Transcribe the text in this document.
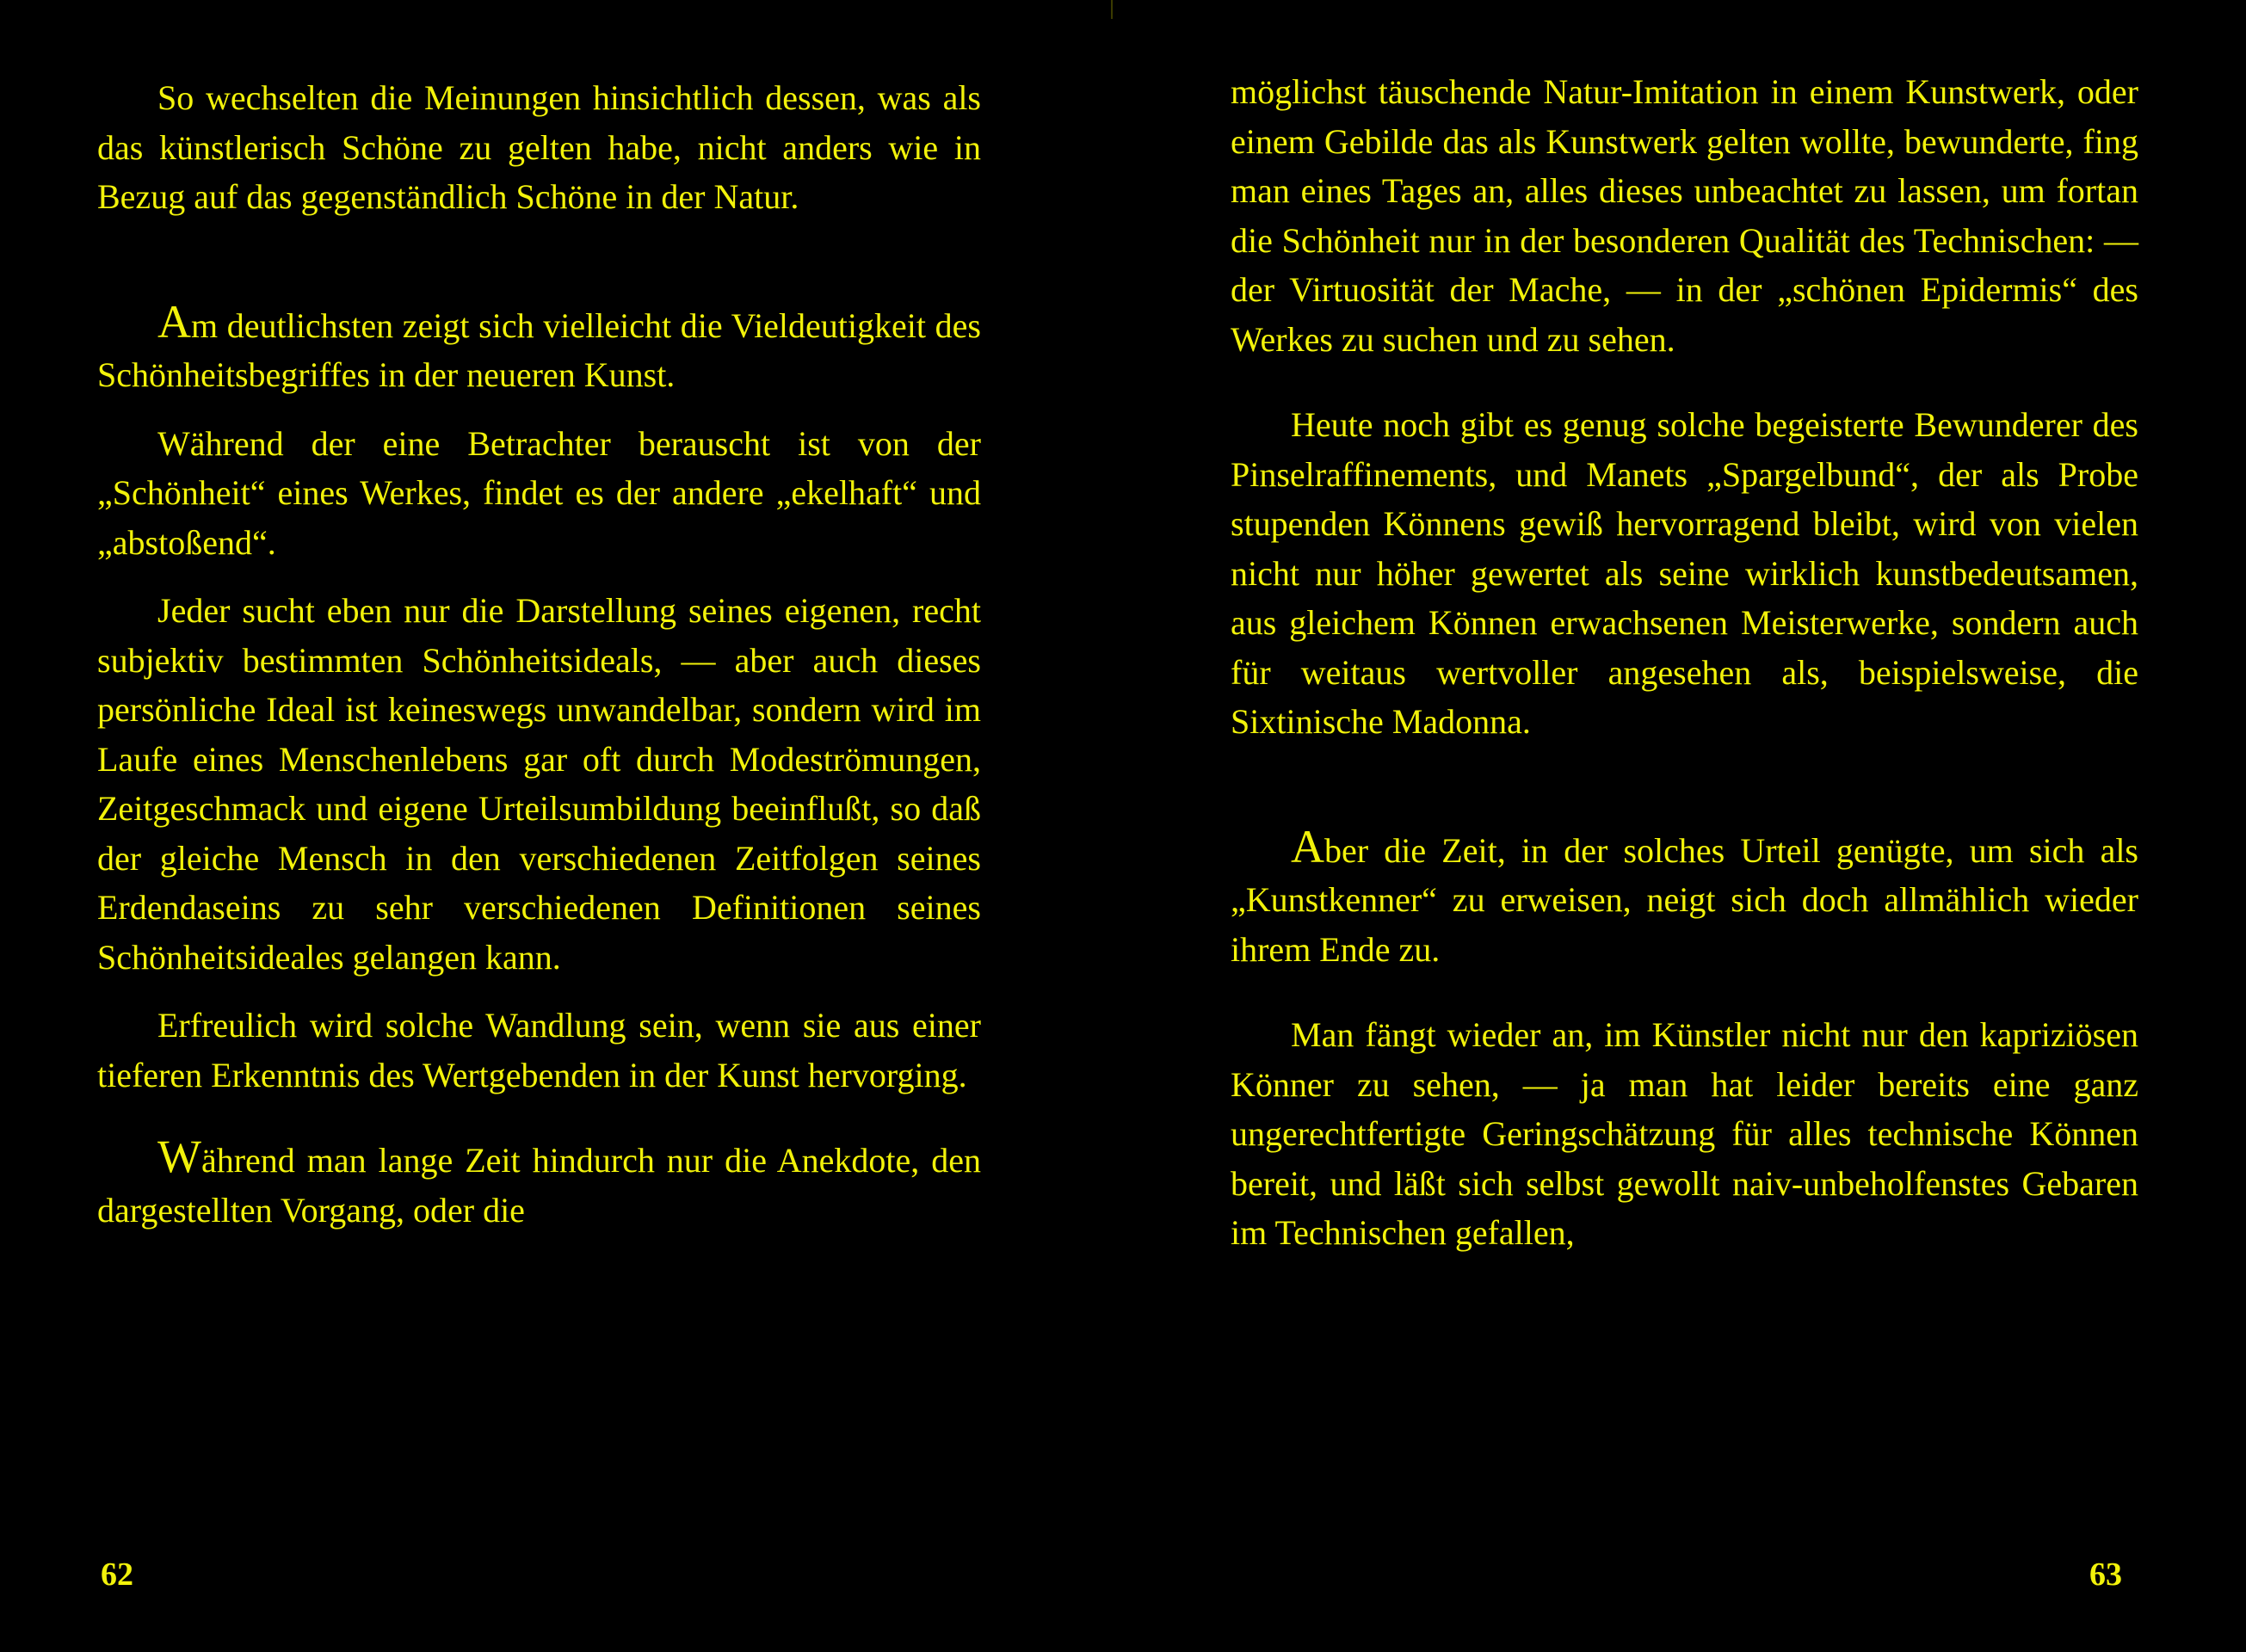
So wechselten die Meinungen hinsichtlich dessen, was als das künstlerisch Schöne zu gelten habe, nicht anders wie in Bezug auf das gegenständlich Schöne in der Natur.

Am deutlichsten zeigt sich vielleicht die Vieldeutigkeit des Schönheitsbegriffes in der neueren Kunst.

Während der eine Betrachter berauscht ist von der „Schönheit“ eines Werkes, findet es der andere „ekelhaft“ und „abstoßend“.

Jeder sucht eben nur die Darstellung seines eigenen, recht subjektiv bestimmten Schönheitsideals, — aber auch dieses persönliche Ideal ist keineswegs unwandelbar, sondern wird im Laufe eines Menschenlebens gar oft durch Modeströmungen, Zeitgeschmack und eigene Urteilsumbildung beeinflußt, so daß der gleiche Mensch in den verschiedenen Zeitfolgen seines Erdendaseins zu sehr verschiedenen Definitionen seines Schönheitsideales gelangen kann.

Erfreulich wird solche Wandlung sein, wenn sie aus einer tieferen Erkenntnis des Wertgebenden in der Kunst hervorging.

Während man lange Zeit hindurch nur die Anekdote, den dargestellten Vorgang, oder die

62

möglichst täuschende Natur-Imitation in einem Kunstwerk, oder einem Gebilde das als Kunstwerk gelten wollte, bewunderte, fing man eines Tages an, alles dieses unbeachtet zu lassen, um fortan die Schönheit nur in der besonderen Qualität des Technischen: — der Virtuosität der Mache, — in der „schönen Epidermis“ des Werkes zu suchen und zu sehen.

Heute noch gibt es genug solche begeisterte Bewunderer des Pinselraffinements, und Manets „Spargelbund“, der als Probe stupenden Könnens gewiß hervorragend bleibt, wird von vielen nicht nur höher gewertet als seine wirklich kunstbedeutsamen, aus gleichem Können erwachsenen Meisterwerke, sondern auch für weitaus wertvoller angesehen als, beispielsweise, die Sixtinische Madonna.

Aber die Zeit, in der solches Urteil genügte, um sich als „Kunstkenner“ zu erweisen, neigt sich doch allmählich wieder ihrem Ende zu.

Man fängt wieder an, im Künstler nicht nur den kapriziösen Könner zu sehen, — ja man hat leider bereits eine ganz ungerechtfertigte Geringschätzung für alles technische Können bereit, und läßt sich selbst gewollt naiv-unbeholfenstes Gebaren im Technischen gefallen,

63
